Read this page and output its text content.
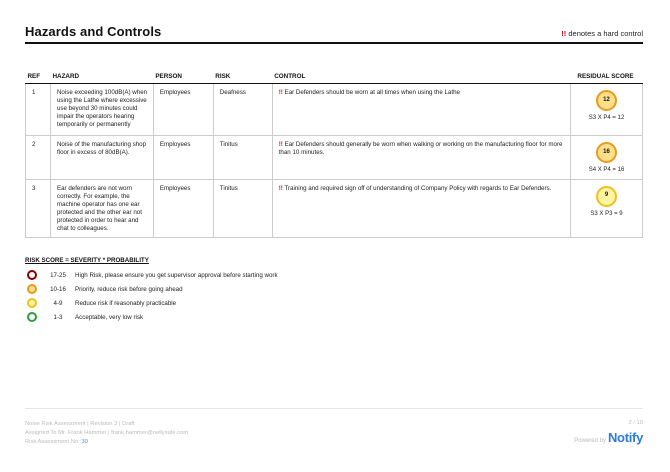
Hazards and Controls	!! denotes a hard control
REF	HAZARD	PERSON	RISK	CONTROL	RESIDUAL SCORE
1	Noise exceeding 100dB(A) when using the Lathe where excessive use beyond 30 minutes could impair the operators hearing temporarily or permanently	Employees	Deafness	!! Ear Defenders should be worn at all times when using the Lathe	12
S3 X P4 = 12

2	Noise of the manufacturing shop floor in excess of 80dB(A).	Employees	Tinitus	!! Ear Defenders should generally be worn when walking or working on the manufacturing floor for more than 10 minutes.	16
S4 X P4 = 16

3	Ear defenders are not worn correctly. For example, the machine operator has one ear protected and the other ear not protected in order to hear and chat to colleagues.	Employees	Tinitus	!! Training and required sign off of understanding of Company Policy with regards to Ear Defenders.	9
S3 X P3 = 9
RISK SCORE = SEVERITY * PROBABILITY
17-25	High Risk, please ensure you get supervisor approval before starting work
10-16	Priority, reduce risk before going ahead
4-9	Reduce risk if reasonably practicable
1-3	Acceptable, very low risk
Noise Risk Assessment | Revision 3 | Draft
Assigned To Mr. Frank Hammer | frank.hammer@nellysafe.com
Risk Assessment No: 30
2 / 10
Powered by Notify
